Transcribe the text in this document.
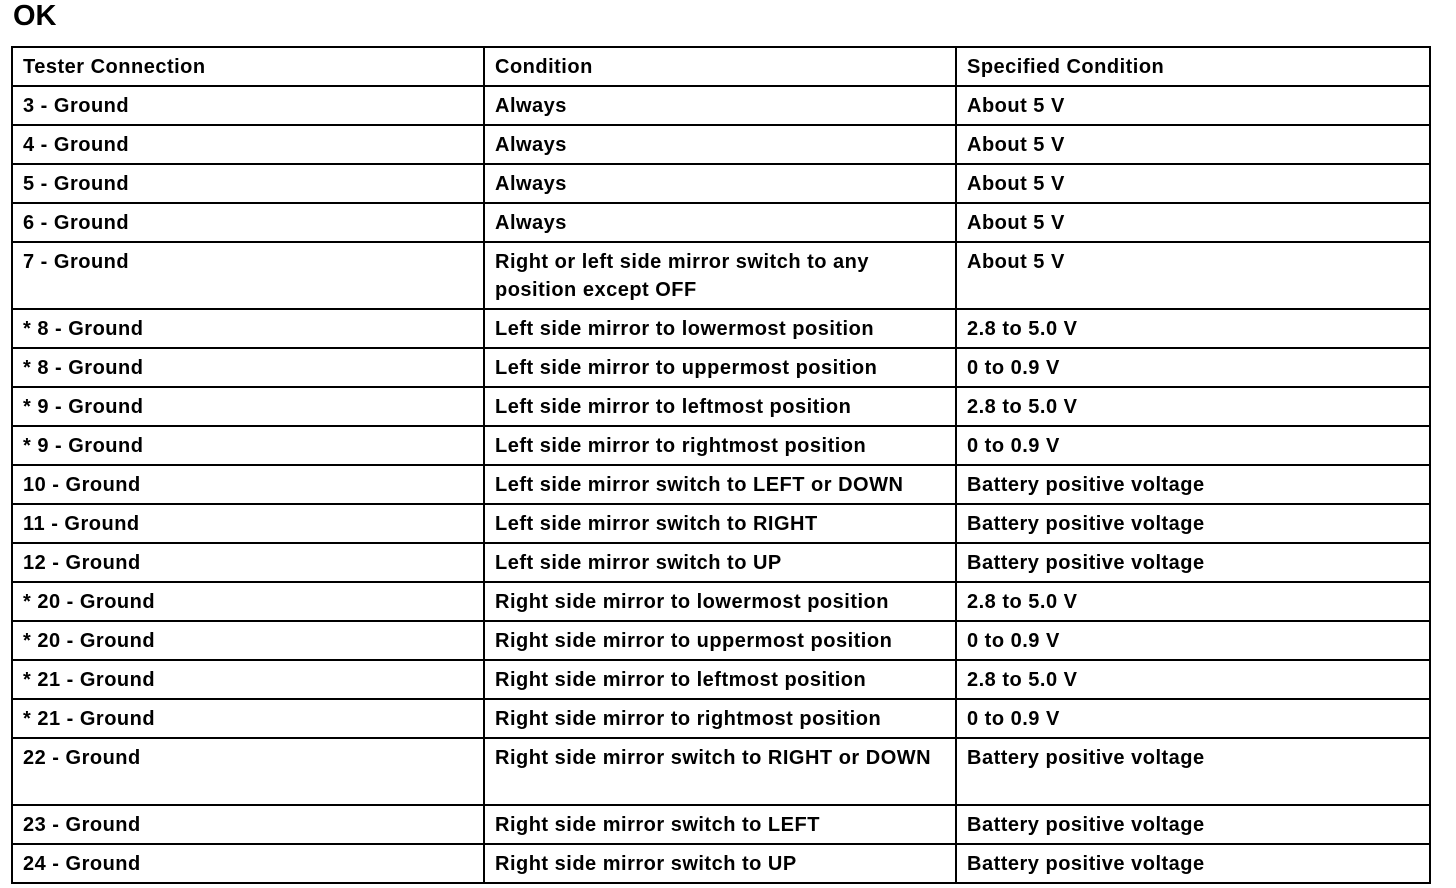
OK
Tester Connection	Condition	Specified Condition
3 - Ground	Always	About 5 V
4 - Ground	Always	About 5 V
5 - Ground	Always	About 5 V
6 - Ground	Always	About 5 V
7 - Ground	Right or left side mirror switch to any position except OFF	About 5 V
* 8 - Ground	Left side mirror to lowermost position	2.8 to 5.0 V
* 8 - Ground	Left side mirror to uppermost position	0 to 0.9 V
* 9 - Ground	Left side mirror to leftmost position	2.8 to 5.0 V
* 9 - Ground	Left side mirror to rightmost position	0 to 0.9 V
10 - Ground	Left side mirror switch to LEFT or DOWN	Battery positive voltage
11 - Ground	Left side mirror switch to RIGHT	Battery positive voltage
12 - Ground	Left side mirror switch to UP	Battery positive voltage
* 20 - Ground	Right side mirror to lowermost position	2.8 to 5.0 V
* 20 - Ground	Right side mirror to uppermost position	0 to 0.9 V
* 21 - Ground	Right side mirror to leftmost position	2.8 to 5.0 V
* 21 - Ground	Right side mirror to rightmost position	0 to 0.9 V
22 - Ground	Right side mirror switch to RIGHT or DOWN	Battery positive voltage
23 - Ground	Right side mirror switch to LEFT	Battery positive voltage
24 - Ground	Right side mirror switch to UP	Battery positive voltage
